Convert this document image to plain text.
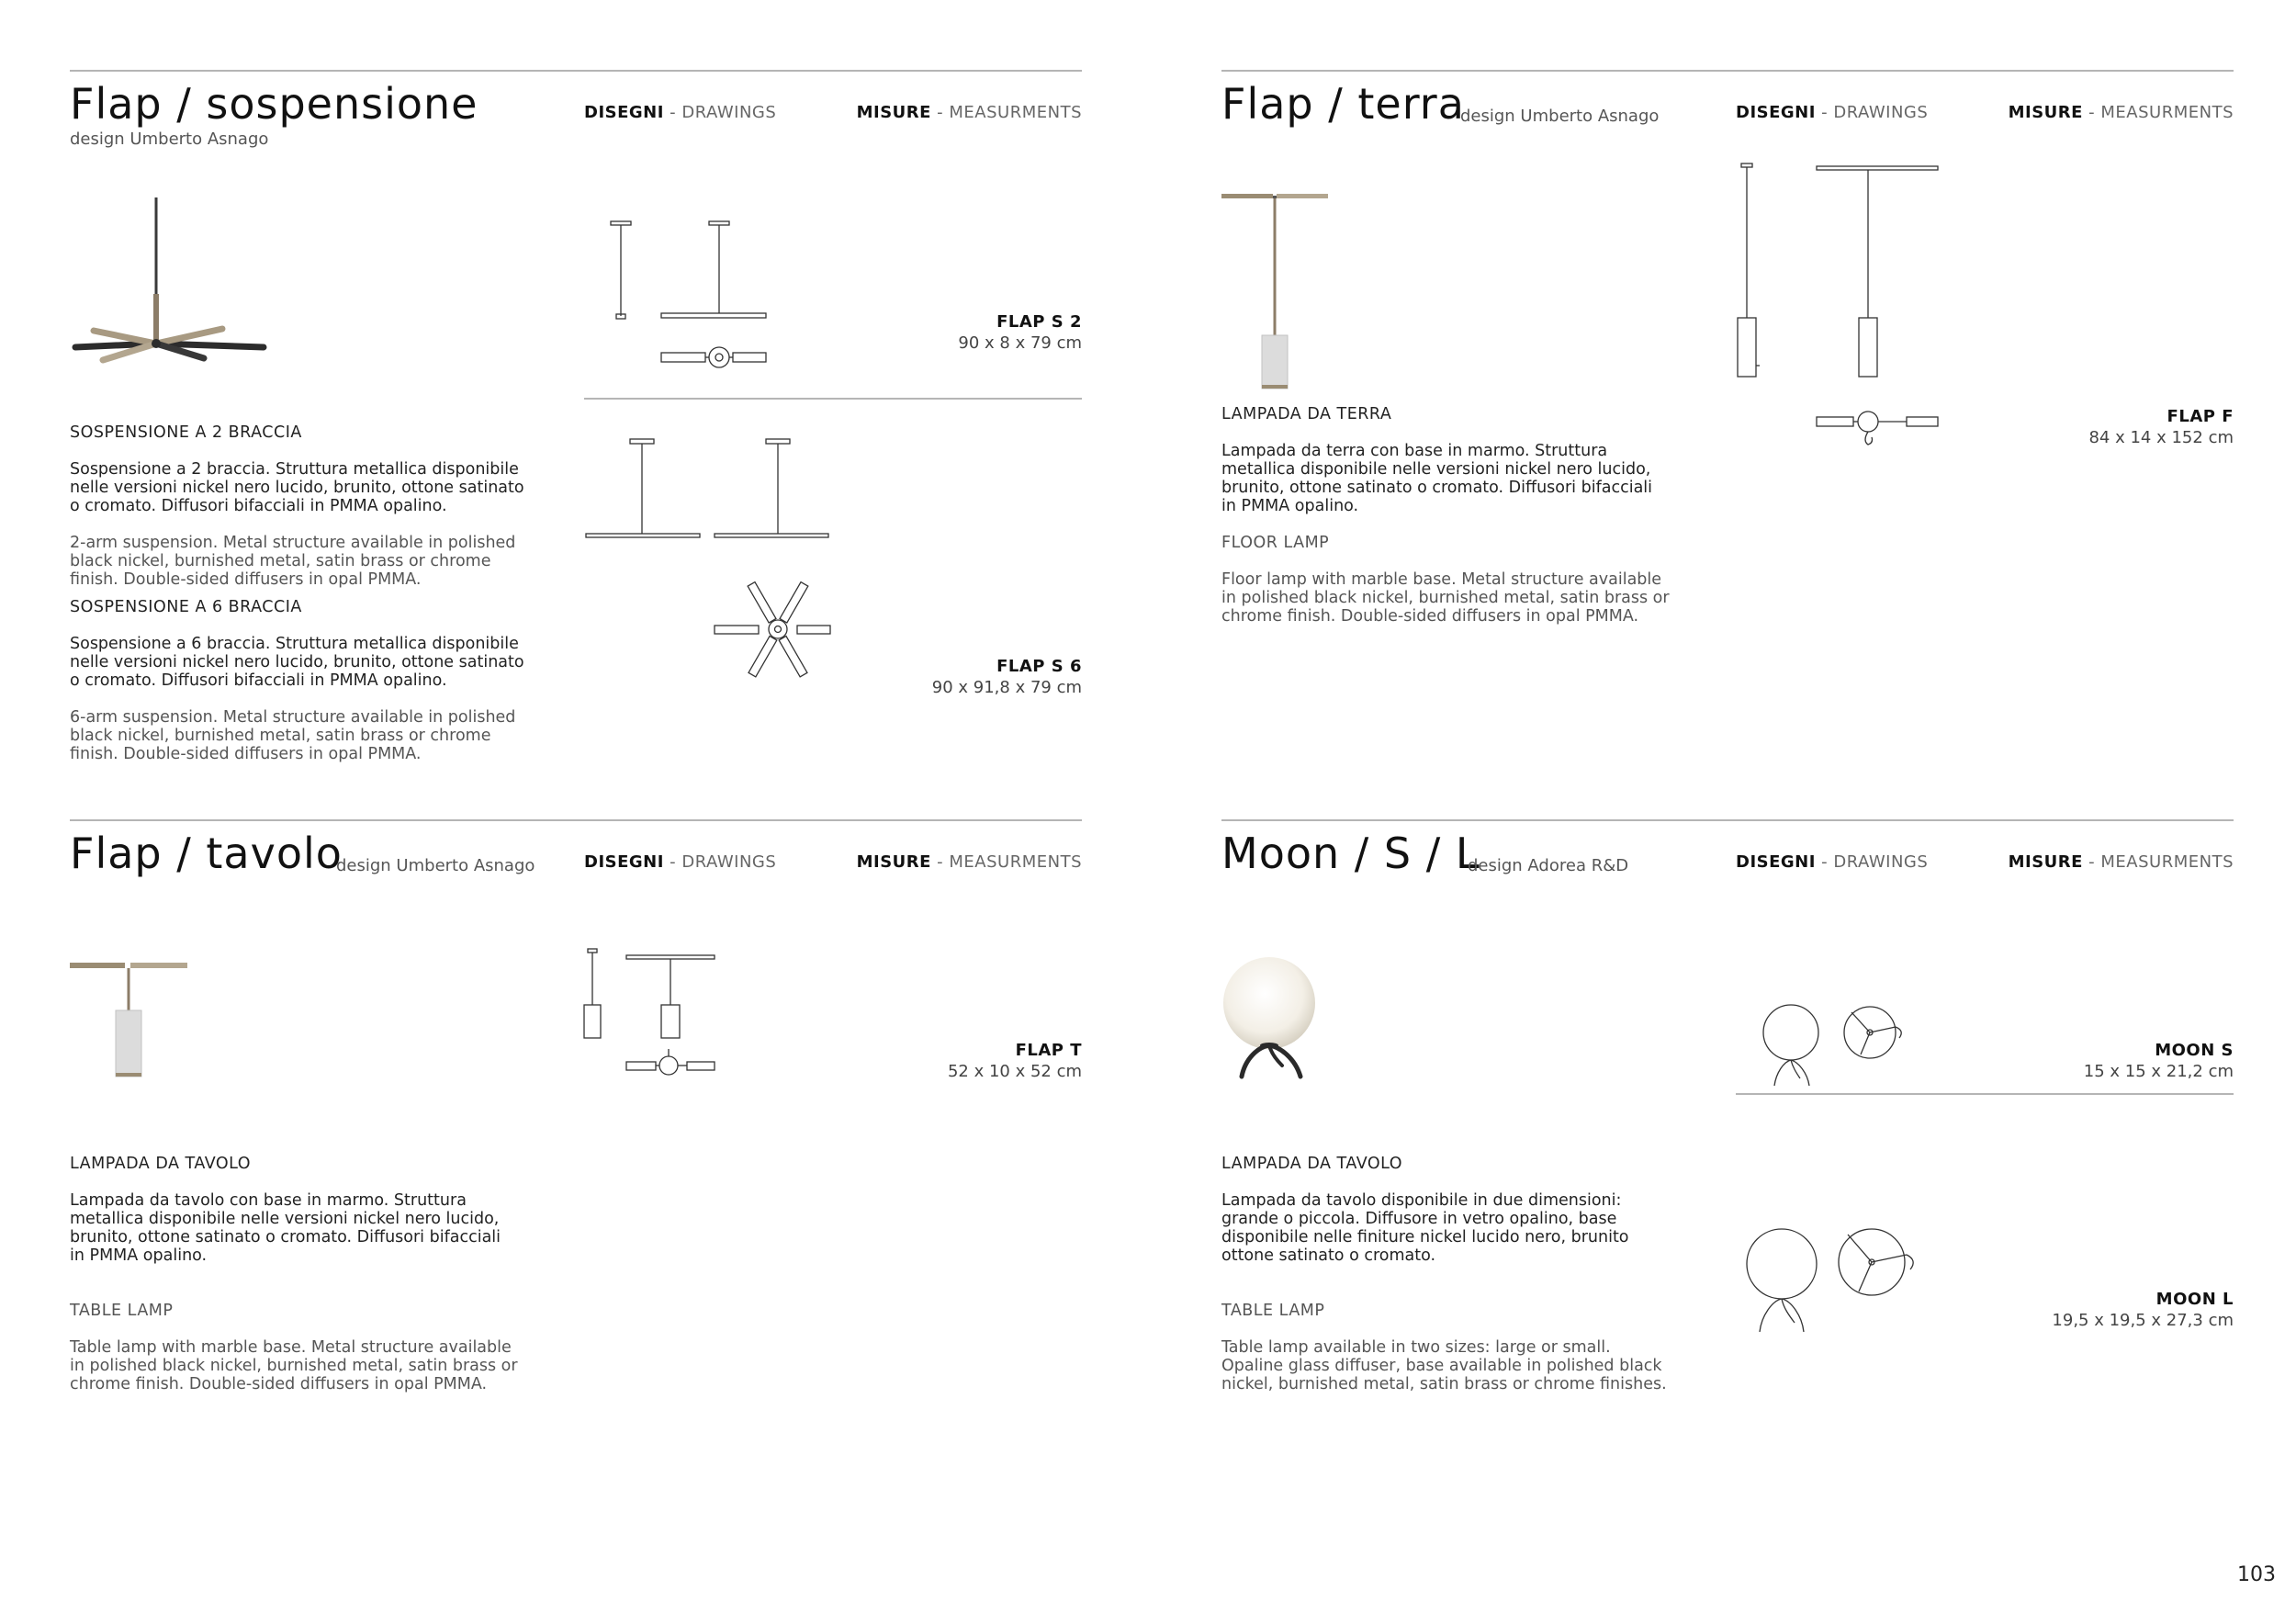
Flap / sospensione
design Umberto Asnago
DISEGNI - DRAWINGS	MISURE - MEASURMENTS
FLAP S 2
90 x 8 x 79 cm
FLAP S 6
90 x 91,8 x 79 cm

SOSPENSIONE A 2 BRACCIA

Sospensione a 2 braccia. Struttura metallica disponibile nelle versioni nickel nero lucido, brunito, ottone satinato o cromato. Diffusori bifacciali in PMMA opalino.

2-arm suspension. Metal structure available in polished black nickel, burnished metal, satin brass or chrome finish. Double-sided diffusers in opal PMMA.

SOSPENSIONE A 6 BRACCIA

Sospensione a 6 braccia. Struttura metallica disponibile nelle versioni nickel nero lucido, brunito, ottone satinato o cromato. Diffusori bifacciali in PMMA opalino.

6-arm suspension. Metal structure available in polished black nickel, burnished metal, satin brass or chrome finish. Double-sided diffusers in opal PMMA.

Flap / terra
design Umberto Asnago	DISEGNI - DRAWINGS	MISURE - MEASURMENTS
FLAP F
84 x 14 x 152 cm

LAMPADA DA TERRA

Lampada da terra con base in marmo. Struttura metallica disponibile nelle versioni nickel nero lucido, brunito, ottone satinato o cromato. Diffusori bifacciali in PMMA opalino.

FLOOR LAMP

Floor lamp with marble base. Metal structure available in polished black nickel, burnished metal, satin brass or chrome finish. Double-sided diffusers in opal PMMA.

Flap / tavolo
design Umberto Asnago	DISEGNI - DRAWINGS	MISURE - MEASURMENTS
FLAP T
52 x 10 x 52 cm

LAMPADA DA TAVOLO

Lampada da tavolo con base in marmo. Struttura metallica disponibile nelle versioni nickel nero lucido, brunito, ottone satinato o cromato. Diffusori bifacciali in PMMA opalino.

TABLE LAMP

Table lamp with marble base. Metal structure available in polished black nickel, burnished metal, satin brass or chrome finish. Double-sided diffusers in opal PMMA.

Moon / S / L
design Adorea R&D	DISEGNI - DRAWINGS	MISURE - MEASURMENTS
MOON S
15 x 15 x 21,2 cm
MOON L
19,5 x 19,5 x 27,3 cm

LAMPADA DA TAVOLO

Lampada da tavolo disponibile in due dimensioni: grande o piccola. Diffusore in vetro opalino, base disponibile nelle finiture nickel lucido nero, brunito ottone satinato o cromato.

TABLE LAMP

Table lamp available in two sizes: large or small. Opaline glass diffuser, base available in polished black nickel, burnished metal, satin brass or chrome finishes.

103
